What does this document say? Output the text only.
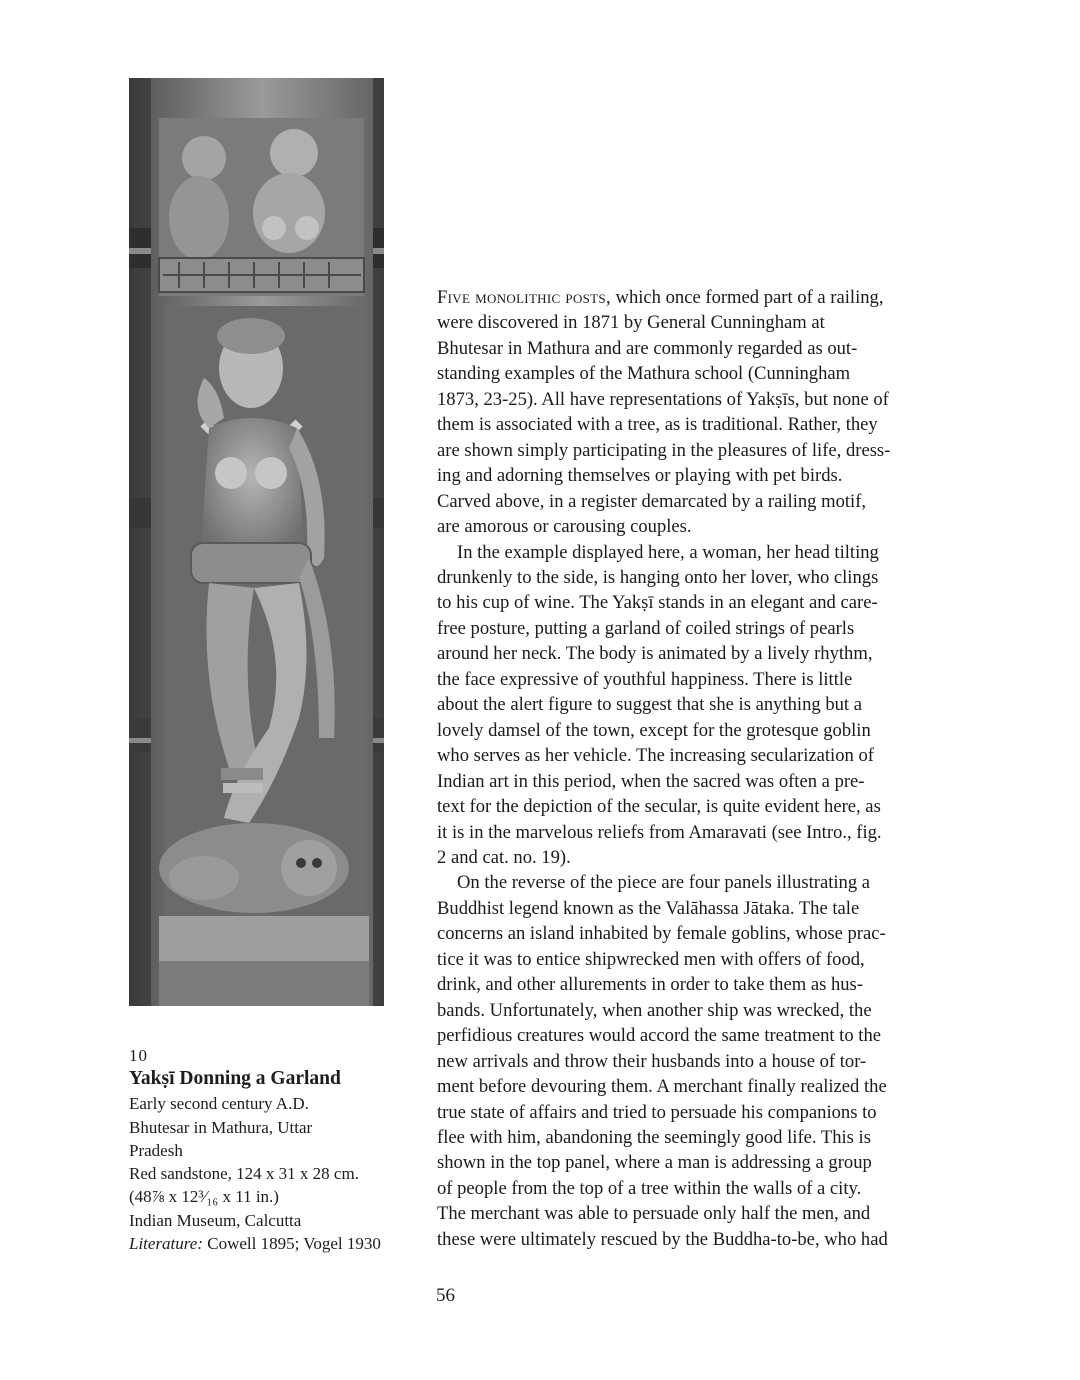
10
Yakṣī Donning a Garland
Early second century A.D.
Bhutesar in Mathura, Uttar
Pradesh
Red sandstone, 124 x 31 x 28 cm.
(48⅞ x 12³⁄₁₆ x 11 in.)
Indian Museum, Calcutta
Literature: Cowell 1895; Vogel 1930

Five monolithic posts, which once formed part of a railing,
were discovered in 1871 by General Cunningham at
Bhutesar in Mathura and are commonly regarded as out-
standing examples of the Mathura school (Cunningham
1873, 23-25). All have representations of Yakṣīs, but none of
them is associated with a tree, as is traditional. Rather, they
are shown simply participating in the pleasures of life, dress-
ing and adorning themselves or playing with pet birds.
Carved above, in a register demarcated by a railing motif,
are amorous or carousing couples.

In the example displayed here, a woman, her head tilting
drunkenly to the side, is hanging onto her lover, who clings
to his cup of wine. The Yakṣī stands in an elegant and care-
free posture, putting a garland of coiled strings of pearls
around her neck. The body is animated by a lively rhythm,
the face expressive of youthful happiness. There is little
about the alert figure to suggest that she is anything but a
lovely damsel of the town, except for the grotesque goblin
who serves as her vehicle. The increasing secularization of
Indian art in this period, when the sacred was often a pre-
text for the depiction of the secular, is quite evident here, as
it is in the marvelous reliefs from Amaravati (see Intro., fig.
2 and cat. no. 19).

On the reverse of the piece are four panels illustrating a
Buddhist legend known as the Valāhassa Jātaka. The tale
concerns an island inhabited by female goblins, whose prac-
tice it was to entice shipwrecked men with offers of food,
drink, and other allurements in order to take them as hus-
bands. Unfortunately, when another ship was wrecked, the
perfidious creatures would accord the same treatment to the
new arrivals and throw their husbands into a house of tor-
ment before devouring them. A merchant finally realized the
true state of affairs and tried to persuade his companions to
flee with him, abandoning the seemingly good life. This is
shown in the top panel, where a man is addressing a group
of people from the top of a tree within the walls of a city.
The merchant was able to persuade only half the men, and
these were ultimately rescued by the Buddha-to-be, who had

56
